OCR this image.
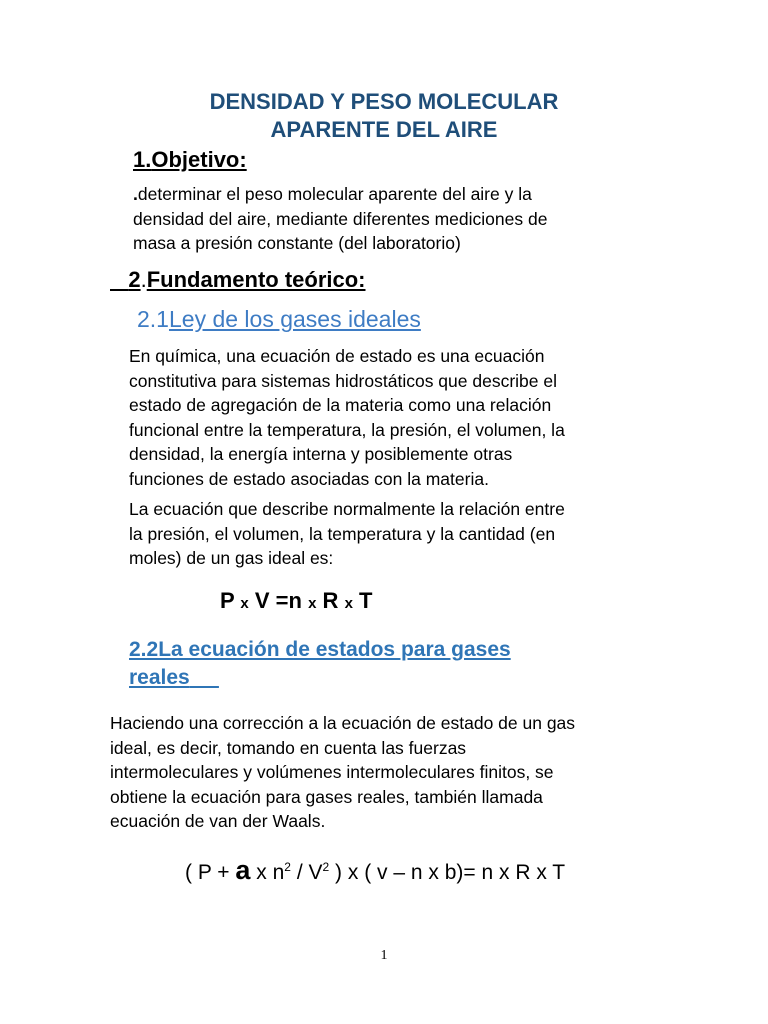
DENSIDAD Y PESO MOLECULAR
APARENTE DEL AIRE
1.Objetivo:
.determinar el peso molecular aparente del aire y la
densidad del aire, mediante diferentes mediciones de
masa a presión constante (del laboratorio)
2.Fundamento teórico:
2.1Ley de los gases ideales
En química, una ecuación de estado es una ecuación
constitutiva para sistemas hidrostáticos que describe el
estado de agregación de la materia como una relación
funcional entre la temperatura, la presión, el volumen, la
densidad, la energía interna y posiblemente otras
funciones de estado asociadas con la materia.
La ecuación que describe normalmente la relación entre
la presión, el volumen, la temperatura y la cantidad (en
moles) de un gas ideal es:
P x V =n x R x T
2.2La ecuación de estados para gases
reales
Haciendo una corrección a la ecuación de estado de un gas
ideal, es decir, tomando en cuenta las fuerzas
intermoleculares y volúmenes intermoleculares finitos, se
obtiene la ecuación para gases reales, también llamada
ecuación de van der Waals.
( P + a x $n^2 / V^2$ ) x ( v – n x b)= n x R x T
1
